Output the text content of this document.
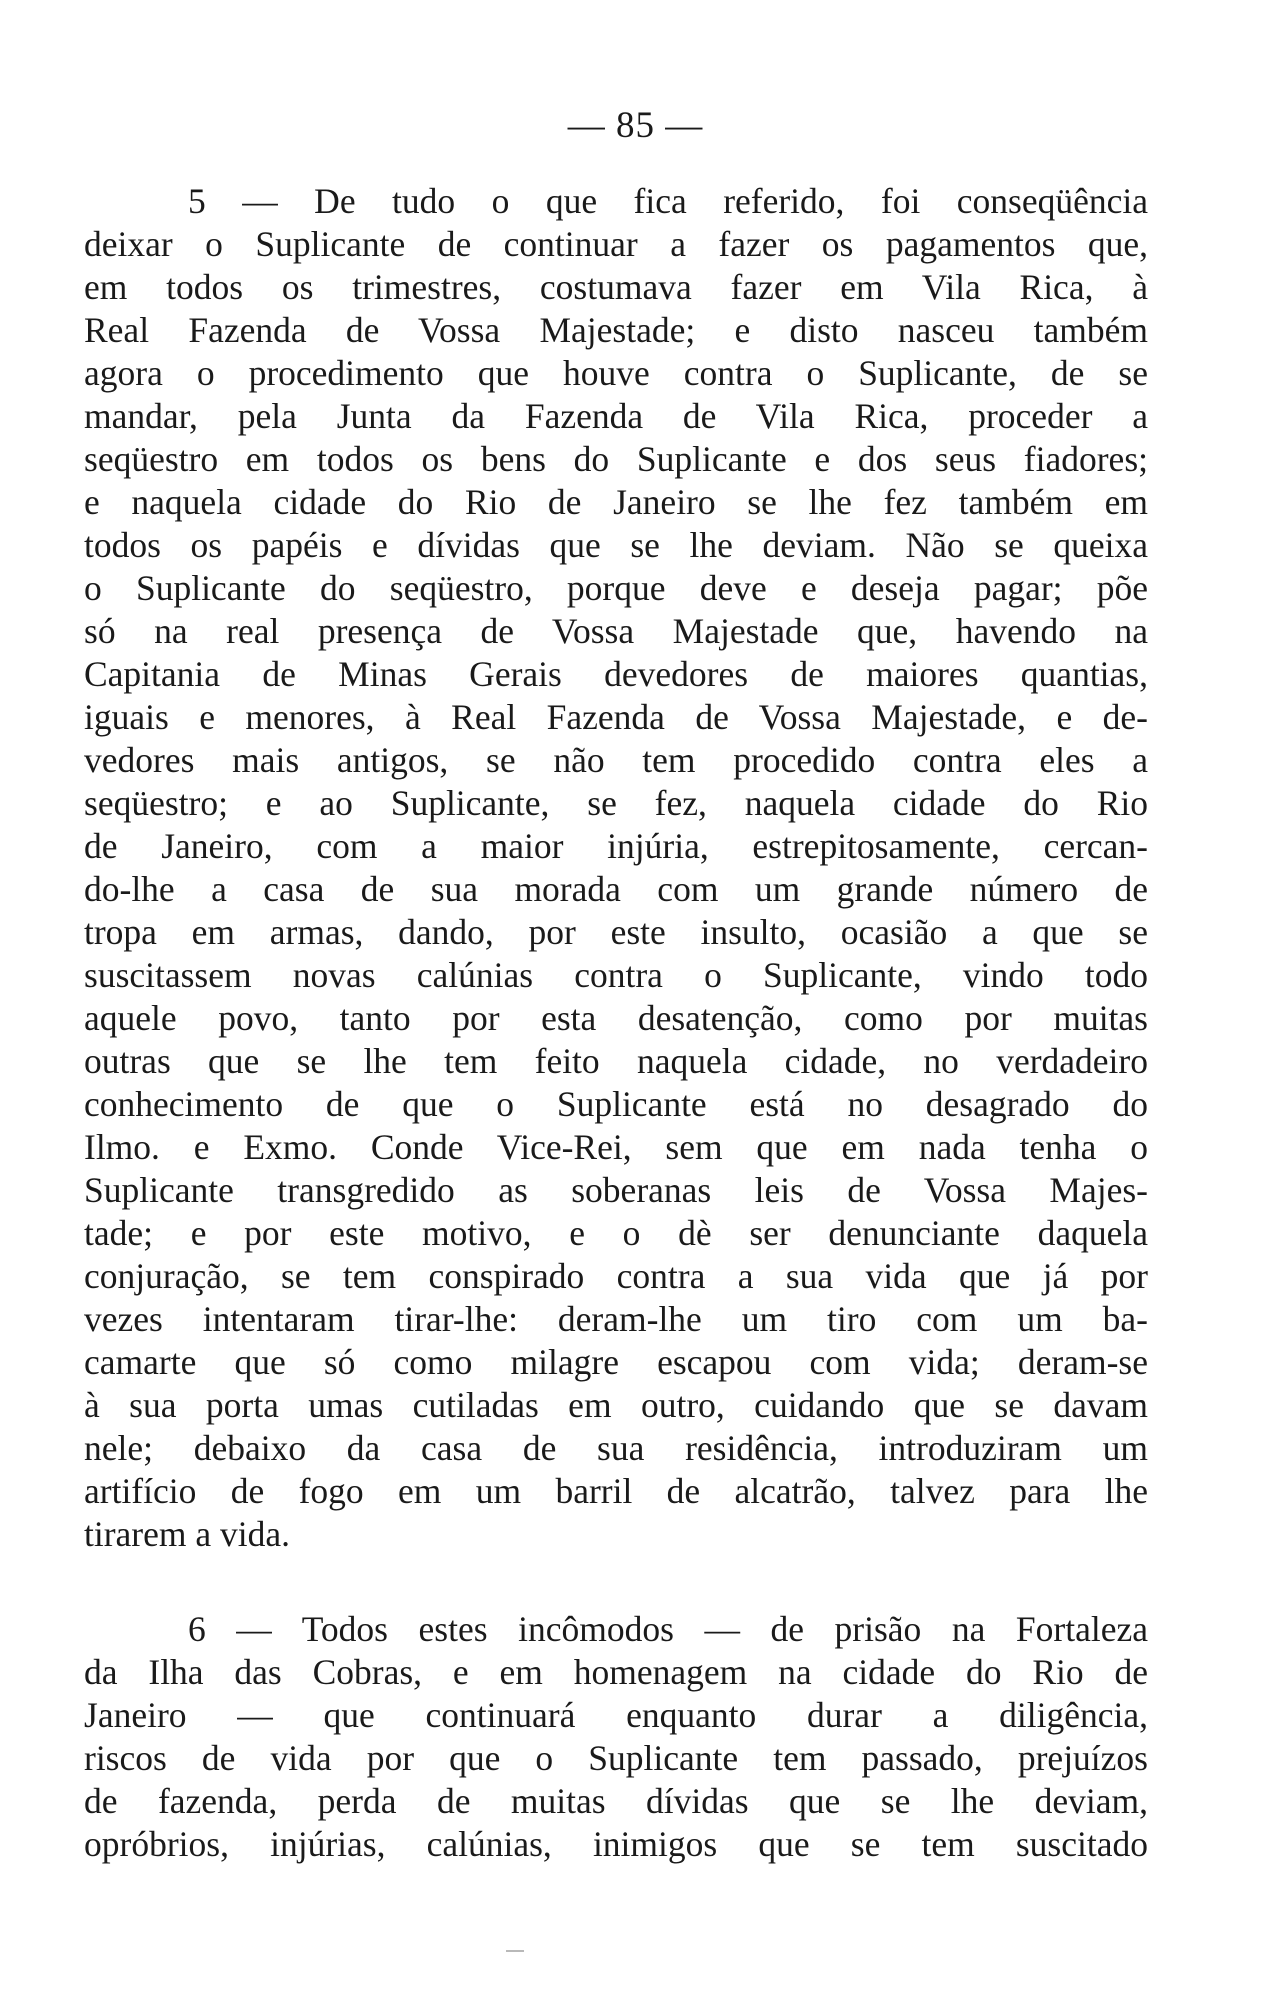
— 85 —
5 — De tudo o que fica referido, foi conseqüência
deixar o Suplicante de continuar a fazer os pagamentos que,
em todos os trimestres, costumava fazer em Vila Rica, à
Real Fazenda de Vossa Majestade; e disto nasceu também
agora o procedimento que houve contra o Suplicante, de se
mandar, pela Junta da Fazenda de Vila Rica, proceder a
seqüestro em todos os bens do Suplicante e dos seus fiadores;
e naquela cidade do Rio de Janeiro se lhe fez também em
todos os papéis e dívidas que se lhe deviam. Não se queixa
o Suplicante do seqüestro, porque deve e deseja pagar; põe
só na real presença de Vossa Majestade que, havendo na
Capitania de Minas Gerais devedores de maiores quantias,
iguais e menores, à Real Fazenda de Vossa Majestade, e de-
vedores mais antigos, se não tem procedido contra eles a
seqüestro; e ao Suplicante, se fez, naquela cidade do Rio
de Janeiro, com a maior injúria, estrepitosamente, cercan-
do-lhe a casa de sua morada com um grande número de
tropa em armas, dando, por este insulto, ocasião a que se
suscitassem novas calúnias contra o Suplicante, vindo todo
aquele povo, tanto por esta desatenção, como por muitas
outras que se lhe tem feito naquela cidade, no verdadeiro
conhecimento de que o Suplicante está no desagrado do
Ilmo. e Exmo. Conde Vice-Rei, sem que em nada tenha o
Suplicante transgredido as soberanas leis de Vossa Majes-
tade; e por este motivo, e o dè ser denunciante daquela
conjuração, se tem conspirado contra a sua vida que já por
vezes intentaram tirar-lhe: deram-lhe um tiro com um ba-
camarte que só como milagre escapou com vida; deram-se
à sua porta umas cutiladas em outro, cuidando que se davam
nele; debaixo da casa de sua residência, introduziram um
artifício de fogo em um barril de alcatrão, talvez para lhe
tirarem a vida.
6 — Todos estes incômodos — de prisão na Fortaleza
da Ilha das Cobras, e em homenagem na cidade do Rio de
Janeiro — que continuará enquanto durar a diligência,
riscos de vida por que o Suplicante tem passado, prejuízos
de fazenda, perda de muitas dívidas que se lhe deviam,
opróbrios, injúrias, calúnias, inimigos que se tem suscitado
